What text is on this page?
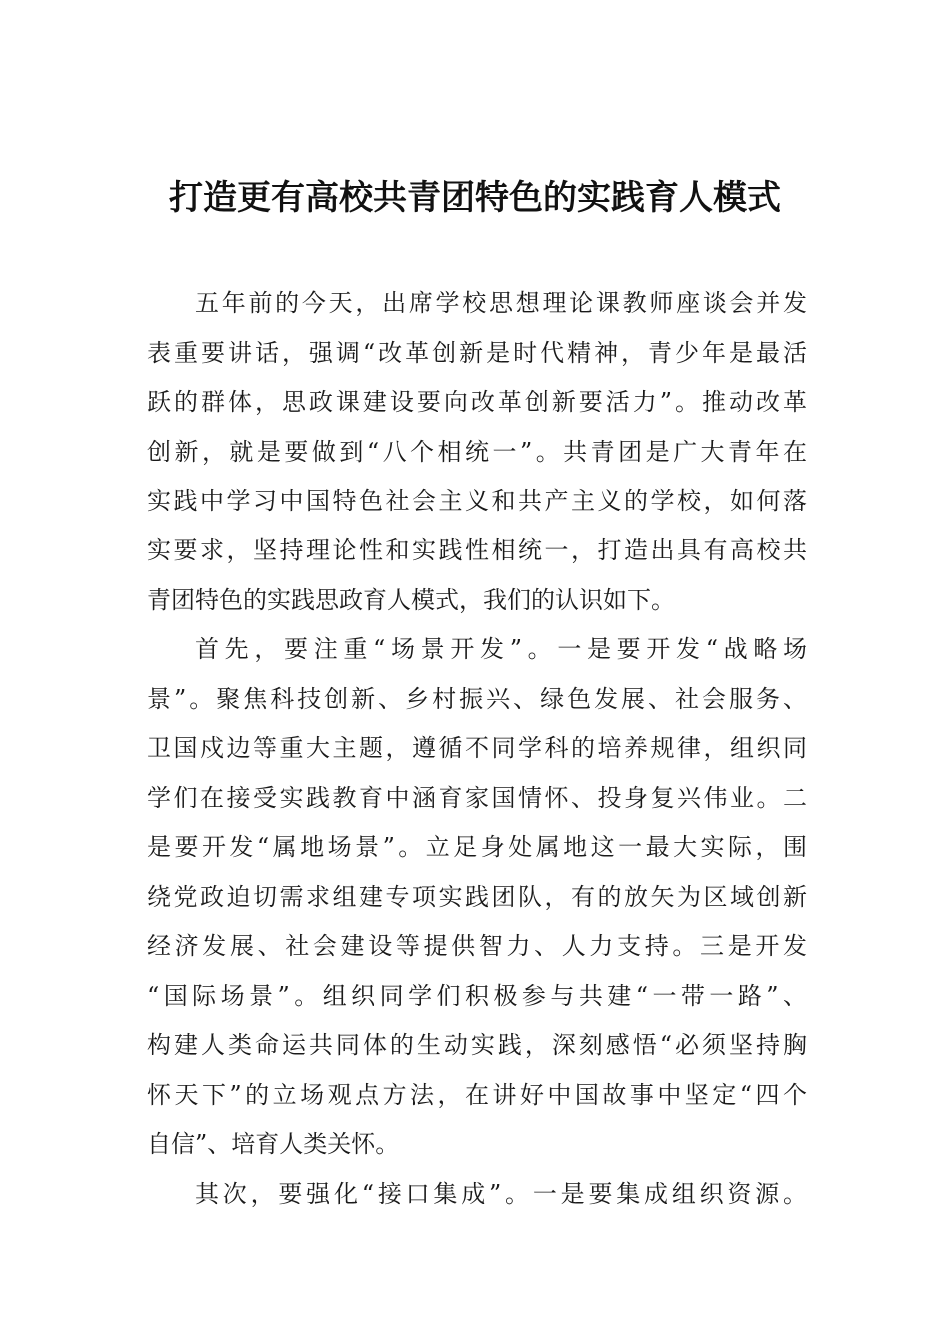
打造更有高校共青团特色的实践育人模式
五年前的今天，出席学校思想理论课教师座谈会并发
表重要讲话，强调“改革创新是时代精神，青少年是最活
跃的群体，思政课建设要向改革创新要活力”。推动改革
创新，就是要做到“八个相统一”。共青团是广大青年在
实践中学习中国特色社会主义和共产主义的学校，如何落
实要求，坚持理论性和实践性相统一，打造出具有高校共
青团特色的实践思政育人模式，我们的认识如下。
首先，要注重“场景开发”。一是要开发“战略场
景”。聚焦科技创新、乡村振兴、绿色发展、社会服务、
卫国戍边等重大主题，遵循不同学科的培养规律，组织同
学们在接受实践教育中涵育家国情怀、投身复兴伟业。二
是要开发“属地场景”。立足身处属地这一最大实际，围
绕党政迫切需求组建专项实践团队，有的放矢为区域创新
经济发展、社会建设等提供智力、人力支持。三是开发
“国际场景”。组织同学们积极参与共建“一带一路”、
构建人类命运共同体的生动实践，深刻感悟“必须坚持胸
怀天下”的立场观点方法，在讲好中国故事中坚定“四个
自信”、培育人类关怀。
其次，要强化“接口集成”。一是要集成组织资源。
